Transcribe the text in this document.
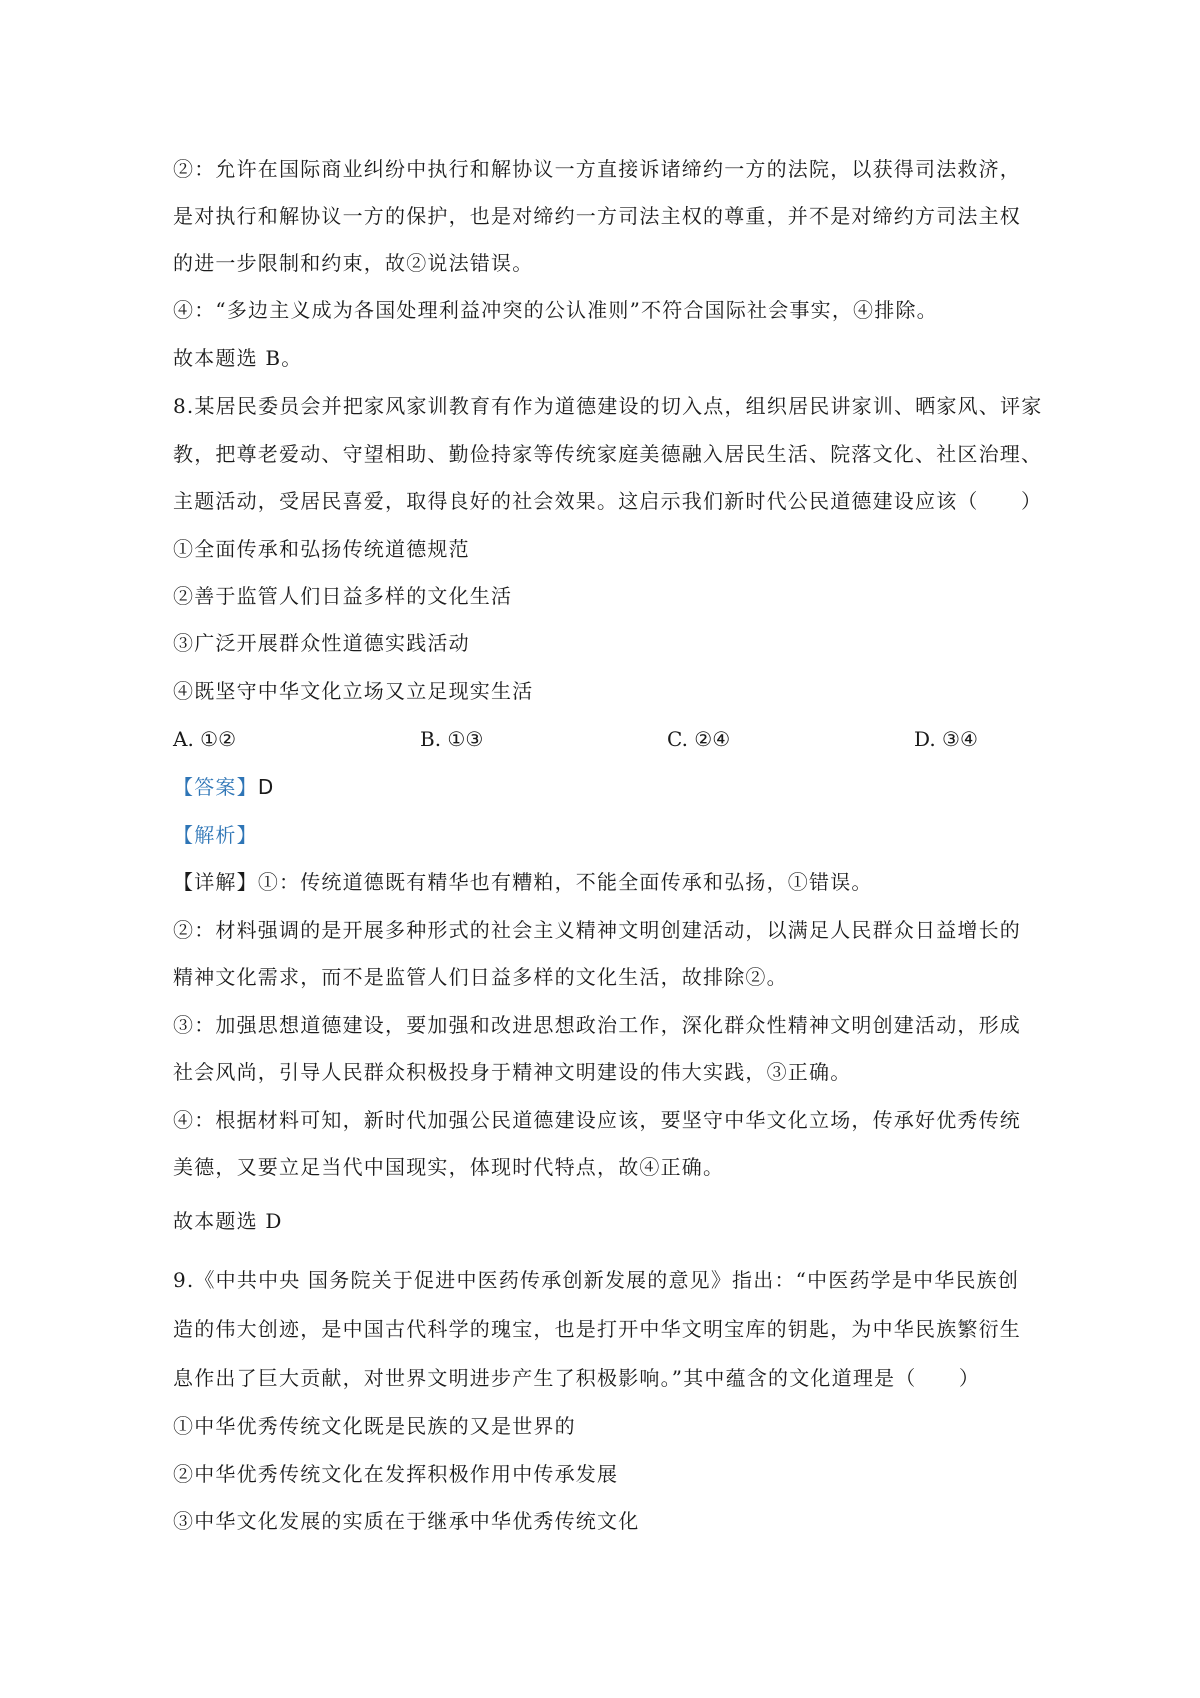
②：允许在国际商业纠纷中执行和解协议一方直接诉诸缔约一方的法院，以获得司法救济，
是对执行和解协议一方的保护，也是对缔约一方司法主权的尊重，并不是对缔约方司法主权
的进一步限制和约束，故②说法错误。
④：“多边主义成为各国处理利益冲突的公认准则”不符合国际社会事实，④排除。
故本题选 B。
8.某居民委员会并把家风家训教育有作为道德建设的切入点，组织居民讲家训、晒家风、评家
教，把尊老爱动、守望相助、勤俭持家等传统家庭美德融入居民生活、院落文化、社区治理、
主题活动，受居民喜爱，取得良好的社会效果。这启示我们新时代公民道德建设应该（　　）
①全面传承和弘扬传统道德规范
②善于监管人们日益多样的文化生活
③广泛开展群众性道德实践活动
④既坚守中华文化立场又立足现实生活
A. ①②	B. ①③	C. ②④	D. ③④
【答案】D
【解析】
【详解】①：传统道德既有精华也有糟粕，不能全面传承和弘扬，①错误。
②：材料强调的是开展多种形式的社会主义精神文明创建活动，以满足人民群众日益增长的
精神文化需求，而不是监管人们日益多样的文化生活，故排除②。
③：加强思想道德建设，要加强和改进思想政治工作，深化群众性精神文明创建活动，形成
社会风尚，引导人民群众积极投身于精神文明建设的伟大实践，③正确。
④：根据材料可知，新时代加强公民道德建设应该，要坚守中华文化立场，传承好优秀传统
美德，又要立足当代中国现实，体现时代特点，故④正确。
故本题选 D
9.《中共中央 国务院关于促进中医药传承创新发展的意见》指出：“中医药学是中华民族创
造的伟大创迹，是中国古代科学的瑰宝，也是打开中华文明宝库的钥匙，为中华民族繁衍生
息作出了巨大贡献，对世界文明进步产生了积极影响。”其中蕴含的文化道理是（　　）
①中华优秀传统文化既是民族的又是世界的
②中华优秀传统文化在发挥积极作用中传承发展
③中华文化发展的实质在于继承中华优秀传统文化
